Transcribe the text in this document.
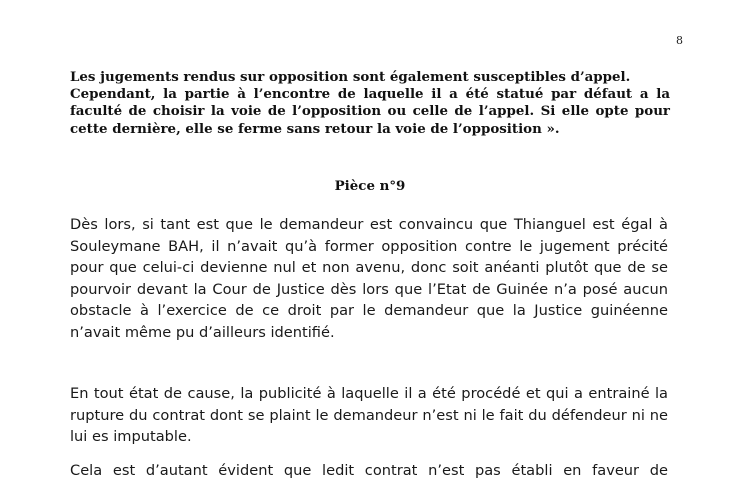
8

Les jugements rendus sur opposition sont également susceptibles d’appel.

Cependant, la partie à l’encontre de laquelle il a été statué par défaut a la faculté de choisir la voie de l’opposition ou celle de l’appel. Si elle opte pour cette dernière, elle se ferme sans retour la voie de l’opposition ».

Pièce n°9

Dès lors, si tant est que le demandeur est convaincu que Thianguel est égal à Souleymane BAH, il n’avait qu’à former opposition contre le jugement précité pour que celui-ci devienne nul et non avenu, donc soit anéanti plutôt que de se pourvoir devant la Cour de Justice dès lors que l’Etat de Guinée n’a posé aucun obstacle à l’exercice de ce droit par le demandeur que la Justice guinéenne n’avait même pu d’ailleurs identifié.

En tout état de cause, la publicité à laquelle il a été procédé et qui a entrainé la rupture du contrat dont se plaint le demandeur n’est ni le fait du défendeur ni ne lui es imputable.

Cela est d’autant évident que ledit contrat n’est pas établi en faveur de
